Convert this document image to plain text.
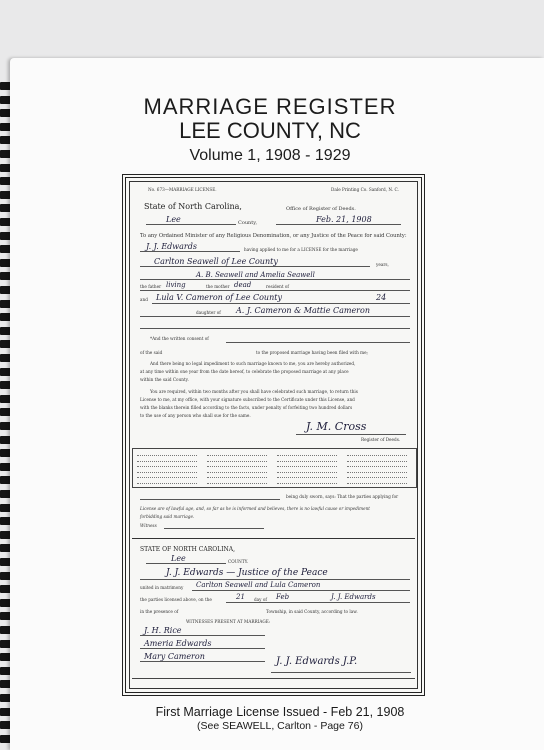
MARRIAGE REGISTER
LEE COUNTY, NC
Volume 1, 1908 - 1929
No. 673—MARRIAGE LICENSE.	Dale Printing Co. Sanford, N. C.
State of North Carolina,	Office of Register of Deeds.
Lee	County,	Feb. 21, 1908
To any Ordained Minister of any Religious Denomination, or any Justice of the Peace for said County:
J. J. Edwards	having applied to me for a LICENSE for the marriage
Carlton Seawell of Lee County	years,
A. B. Seawell and Amelia Seawell
the father living	the mother dead	resident of
and Lula V. Cameron of Lee County	24
daughter of A. J. Cameron & Mattie Cameron
*And the written consent of
of the said	to the proposed marriage having been filed with me;
And there being no legal impediment to such marriage known to me, you are hereby authorized,
at any time within one year from the date hereof, to celebrate the proposed marriage at any place
within the said County.
You are required, within two months after you shall have celebrated such marriage, to return this
License to me, at my office, with your signature subscribed to the Certificate under this License, and
with the blanks therein filled according to the facts, under penalty of forfeiting two hundred dollars
to the use of any person who shall sue for the same.
J. M. Cross
Register of Deeds.
being duly sworn, says: That the parties applying for
License are of lawful age, and, so far as he is informed and believes, there is no lawful cause or impediment
forbidding said marriage.
Witness
STATE OF NORTH CAROLINA,
Lee	COUNTY.
J. J. Edwards — Justice of the Peace
united in matrimony Carlton Seawell and Lula Cameron
the parties licensed above, on the	21 day of Feb	J. J. Edwards
in the presence of	Township, in said County, according to law.
WITNESSES PRESENT AT MARRIAGE:
J. H. Rice
Ameria Edwards
Mary Cameron	J. J. Edwards J.P.
First Marriage License Issued - Feb 21, 1908
(See SEAWELL, Carlton - Page 76)
